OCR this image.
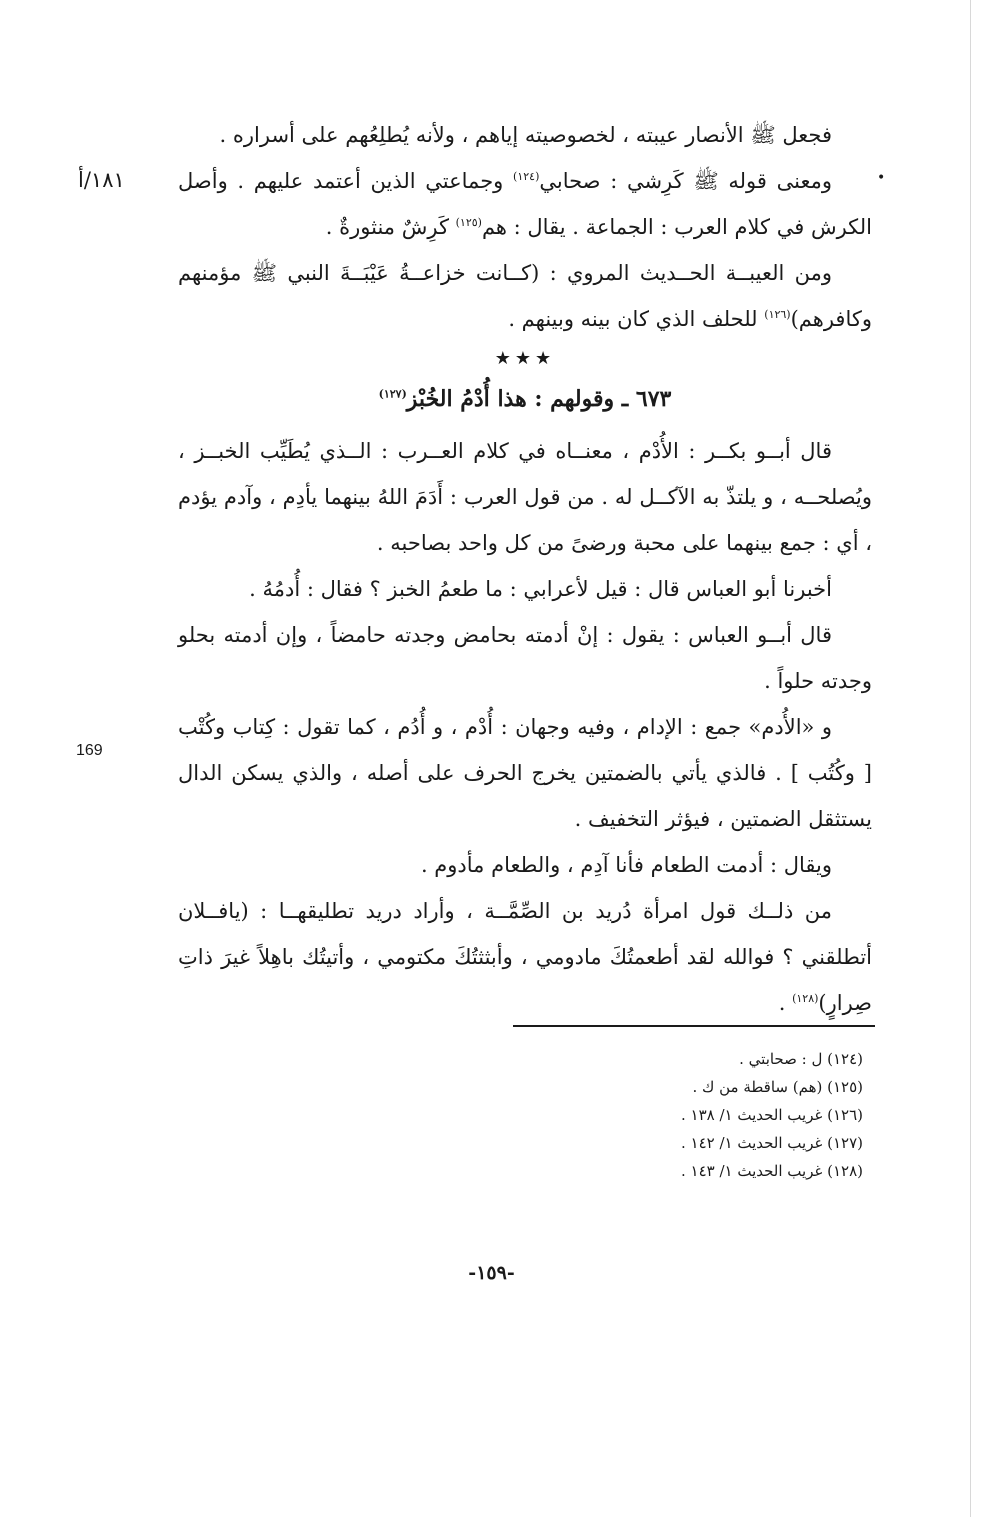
•
١٨١/أ
169

فجعل ﷺ الأنصار عيبته ، لخصوصيته إياهم ، ولأنه يُطلِعُهم على أسراره .

ومعنى قوله ﷺ كَرِشي : صحابي$^{(١٢٤)}$ وجماعتي الذين أعتمد عليهم . وأصل الكرش في كلام العرب : الجماعة . يقال : هم$^{(١٢٥)}$ كَرِشٌ منثورةٌ .

ومن العيبــة الحــديث المروي : (كــانت خزاعــةُ عَيْبَــةَ النبي ﷺ مؤمنهم وكافرهم)$^{(١٢٦)}$ للحلف الذي كان بينه وبينهم .

★★★

٦٧٣ ـ وقولهم : هذا أُدْمُ الخُبْز$^{(١٢٧)}$

قال أبــو بكــر : الأُدْم ، معنــاه في كلام العــرب : الــذي يُطَيِّب الخبــز ، ويُصلحــه ، و يلتذّ به الآكــل له . من قول العرب : أَدَمَ اللهُ بينهما يأدِم ، وآدم يؤدم ، أي : جمع بينهما على محبة ورضىً من كل واحد بصاحبه .

أخبرنا أبو العباس قال : قيل لأعرابي : ما طعمُ الخبز ؟ فقال : أُدمُهُ .

قال أبــو العباس : يقول : إنْ أدمته بحامض وجدته حامضاً ، وإن أدمته بحلو وجدته حلواً .

و «الأُدم» جمع : الإدام ، وفيه وجهان : أُدْم ، و أُدُم ، كما تقول : كِتاب وكُتْب [ وكُتُب ] . فالذي يأتي بالضمتين يخرج الحرف على أصله ، والذي يسكن الدال يستثقل الضمتين ، فيؤثر التخفيف .

ويقال : أدمت الطعام فأنا آدِم ، والطعام مأدوم .

من ذلــك قول امرأة دُريد بن الصِّمَّــة ، وأراد دريد تطليقهــا : (يافــلان أتطلقني ؟ فوالله لقد أطعمتُكَ مادومي ، وأبثثتُكَ مكتومي ، وأتيتُك باهِلاً غيرَ ذاتِ صِرارٍ)$^{(١٢٨)}$ .

(١٢٤) ل : صحابتي .

(١٢٥) (هم) ساقطة من ك .

(١٢٦) غريب الحديث ١/ ١٣٨ .

(١٢٧) غريب الحديث ١/ ١٤٢ .

(١٢٨) غريب الحديث ١/ ١٤٣ .

-١٥٩-
